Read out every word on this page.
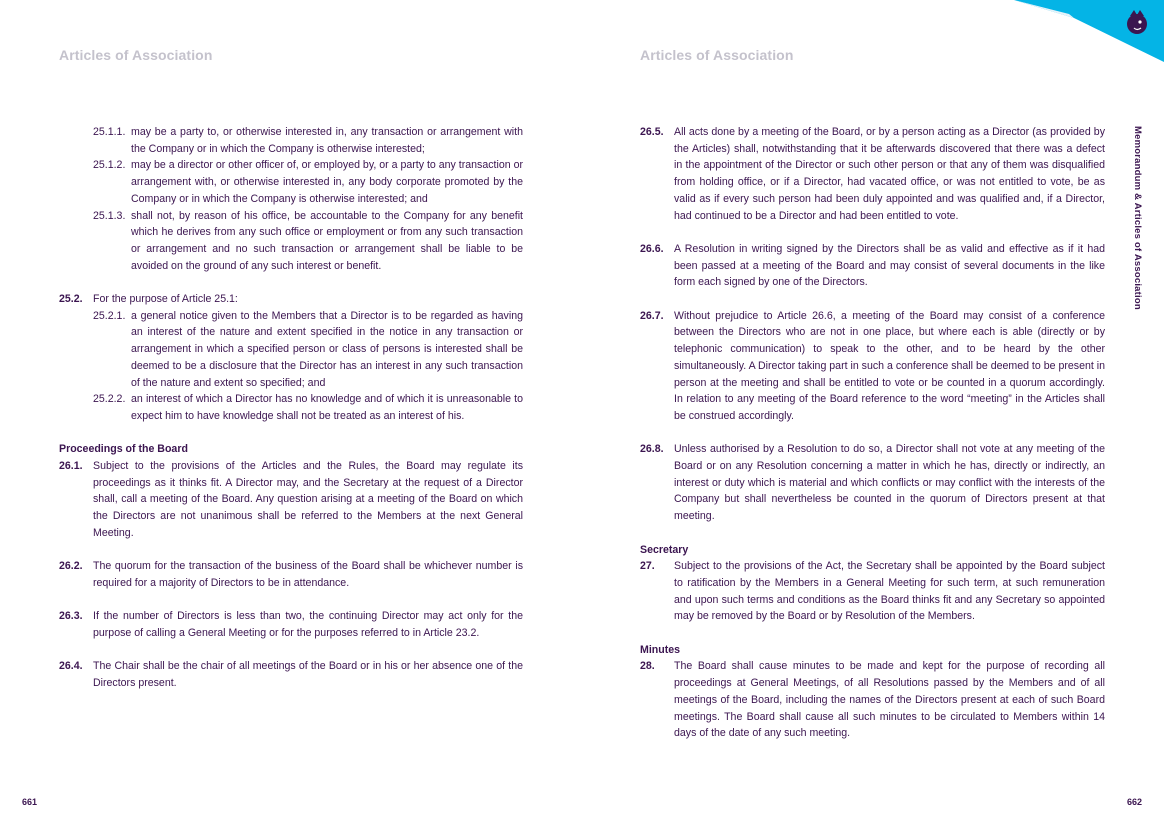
Articles of Association
25.1.1. may be a party to, or otherwise interested in, any transaction or arrangement with the Company or in which the Company is otherwise interested;
25.1.2. may be a director or other officer of, or employed by, or a party to any transaction or arrangement with, or otherwise interested in, any body corporate promoted by the Company or in which the Company is otherwise interested; and
25.1.3. shall not, by reason of his office, be accountable to the Company for any benefit which he derives from any such office or employment or from any such transaction or arrangement and no such transaction or arrangement shall be liable to be avoided on the ground of any such interest or benefit.
25.2. For the purpose of Article 25.1:
25.2.1. a general notice given to the Members that a Director is to be regarded as having an interest of the nature and extent specified in the notice in any transaction or arrangement in which a specified person or class of persons is interested shall be deemed to be a disclosure that the Director has an interest in any such transaction of the nature and extent so specified; and
25.2.2. an interest of which a Director has no knowledge and of which it is unreasonable to expect him to have knowledge shall not be treated as an interest of his.
Proceedings of the Board
26.1. Subject to the provisions of the Articles and the Rules, the Board may regulate its proceedings as it thinks fit. A Director may, and the Secretary at the request of a Director shall, call a meeting of the Board. Any question arising at a meeting of the Board on which the Directors are not unanimous shall be referred to the Members at the next General Meeting.
26.2. The quorum for the transaction of the business of the Board shall be whichever number is required for a majority of Directors to be in attendance.
26.3. If the number of Directors is less than two, the continuing Director may act only for the purpose of calling a General Meeting or for the purposes referred to in Article 23.2.
26.4. The Chair shall be the chair of all meetings of the Board or in his or her absence one of the Directors present.
661
Articles of Association
26.5. All acts done by a meeting of the Board, or by a person acting as a Director (as provided by the Articles) shall, notwithstanding that it be afterwards discovered that there was a defect in the appointment of the Director or such other person or that any of them was disqualified from holding office, or if a Director, had vacated office, or was not entitled to vote, be as valid as if every such person had been duly appointed and was qualified and, if a Director, had continued to be a Director and had been entitled to vote.
26.6. A Resolution in writing signed by the Directors shall be as valid and effective as if it had been passed at a meeting of the Board and may consist of several documents in the like form each signed by one of the Directors.
26.7. Without prejudice to Article 26.6, a meeting of the Board may consist of a conference between the Directors who are not in one place, but where each is able (directly or by telephonic communication) to speak to the other, and to be heard by the other simultaneously. A Director taking part in such a conference shall be deemed to be present in person at the meeting and shall be entitled to vote or be counted in a quorum accordingly. In relation to any meeting of the Board reference to the word “meeting” in the Articles shall be construed accordingly.
26.8. Unless authorised by a Resolution to do so, a Director shall not vote at any meeting of the Board or on any Resolution concerning a matter in which he has, directly or indirectly, an interest or duty which is material and which conflicts or may conflict with the interests of the Company but shall nevertheless be counted in the quorum of Directors present at that meeting.
Secretary
27.	Subject to the provisions of the Act, the Secretary shall be appointed by the Board subject to ratification by the Members in a General Meeting for such term, at such remuneration and upon such terms and conditions as the Board thinks fit and any Secretary so appointed may be removed by the Board or by Resolution of the Members.
Minutes
28.	The Board shall cause minutes to be made and kept for the purpose of recording all proceedings at General Meetings, of all Resolutions passed by the Members and of all meetings of the Board, including the names of the Directors present at each of such Board meetings. The Board shall cause all such minutes to be circulated to Members within 14 days of the date of any such meeting.
662
Memorandum & Articles of Association
